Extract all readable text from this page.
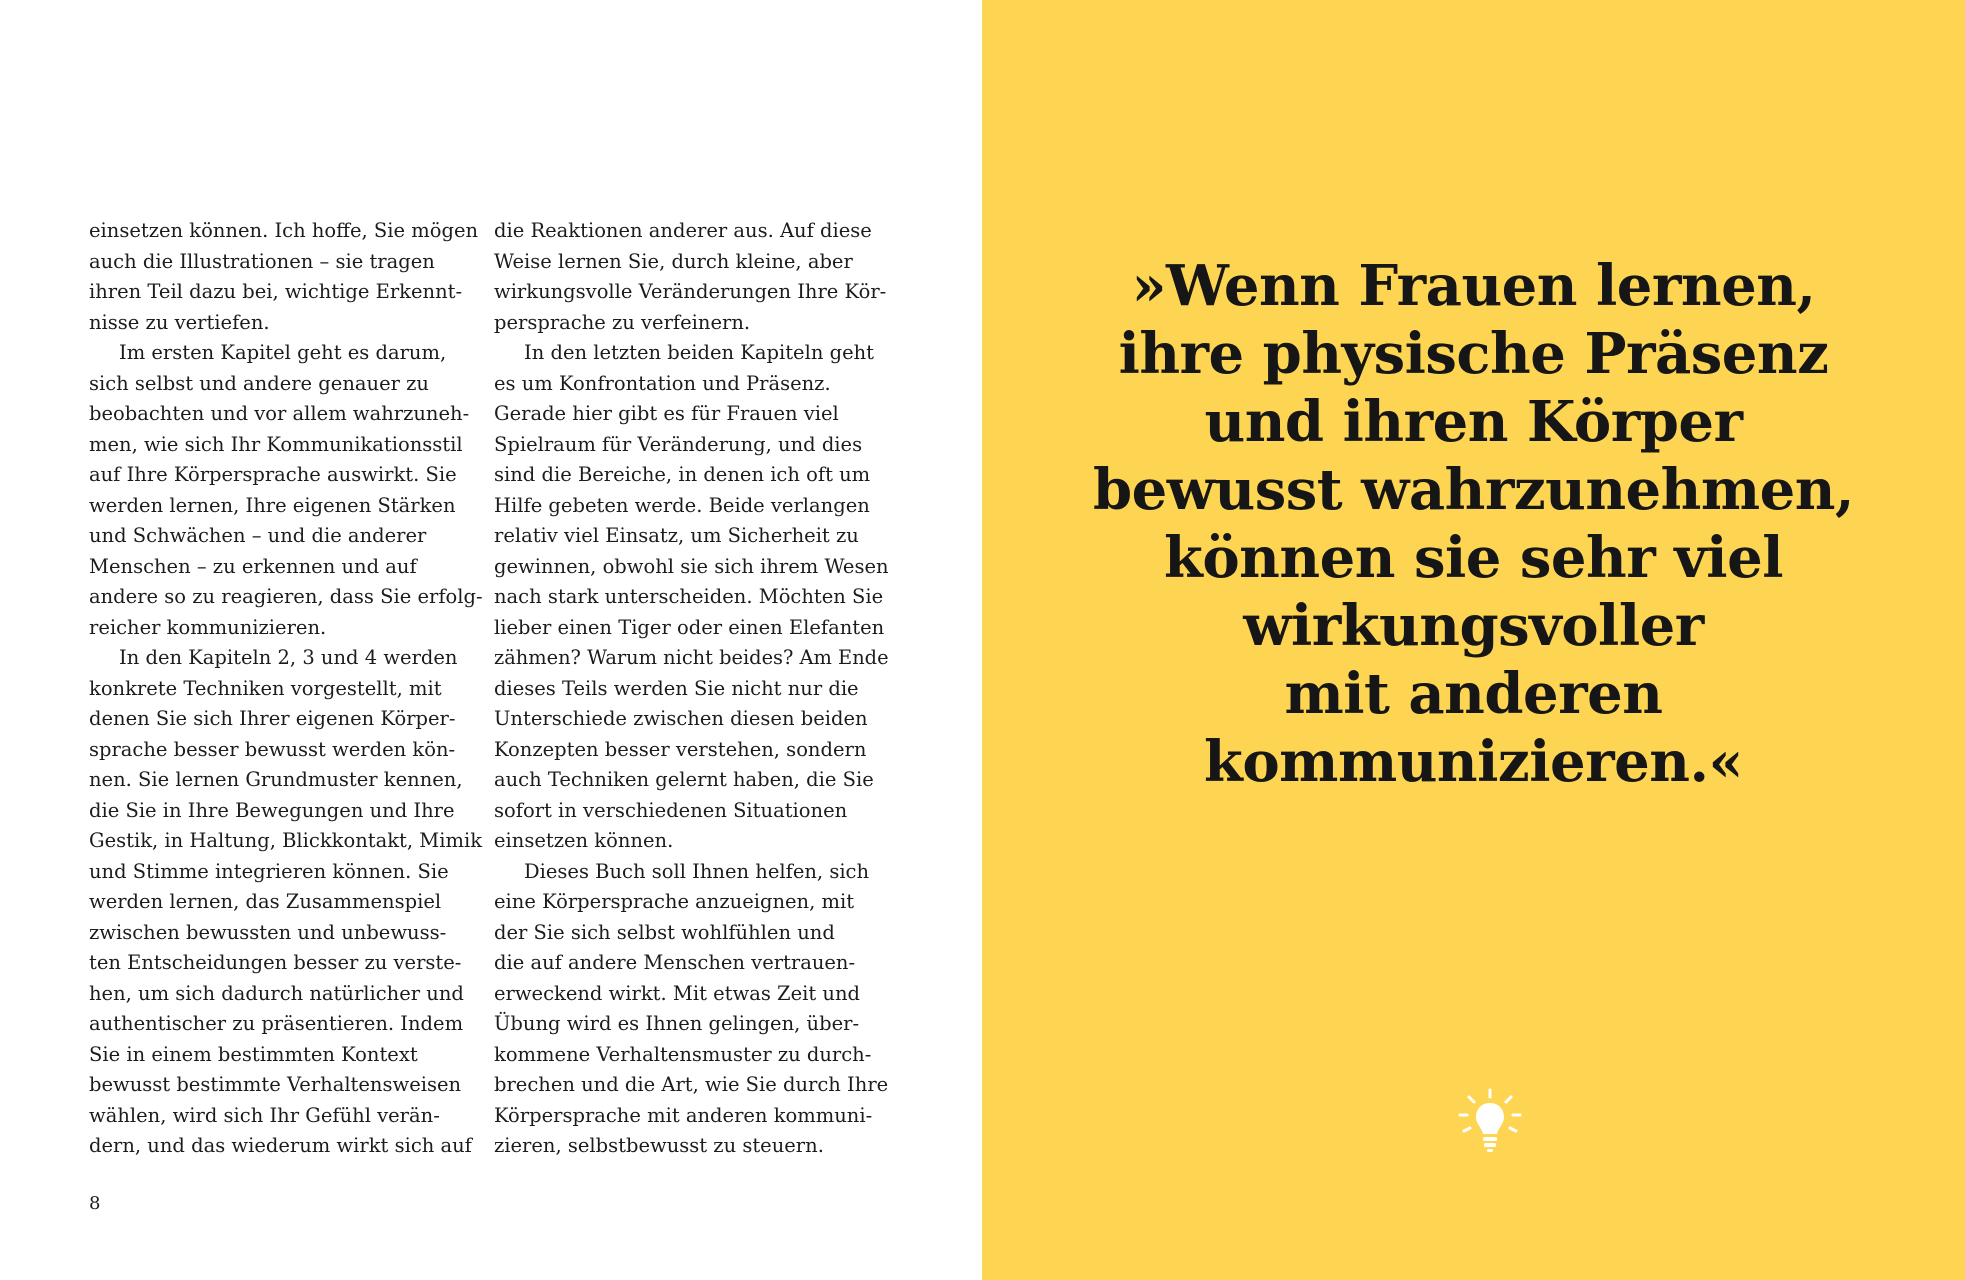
einsetzen können. Ich hoffe, Sie mögen
auch die Illustrationen – sie tragen
ihren Teil dazu bei, wichtige Erkennt-
nisse zu vertiefen.
Im ersten Kapitel geht es darum,
sich selbst und andere genauer zu
beobachten und vor allem wahrzuneh-
men, wie sich Ihr Kommunikationsstil
auf Ihre Körpersprache auswirkt. Sie
werden lernen, Ihre eigenen Stärken
und Schwächen – und die anderer
Menschen – zu erkennen und auf
andere so zu reagieren, dass Sie erfolg-
reicher kommunizieren.
In den Kapiteln 2, 3 und 4 werden
konkrete Techniken vorgestellt, mit
denen Sie sich Ihrer eigenen Körper-
sprache besser bewusst werden kön-
nen. Sie lernen Grundmuster kennen,
die Sie in Ihre Bewegungen und Ihre
Gestik, in Haltung, Blickkontakt, Mimik
und Stimme integrieren können. Sie
werden lernen, das Zusammenspiel
zwischen bewussten und unbewuss-
ten Entscheidungen besser zu verste-
hen, um sich dadurch natürlicher und
authentischer zu präsentieren. Indem
Sie in einem bestimmten Kontext
bewusst bestimmte Verhaltensweisen
wählen, wird sich Ihr Gefühl verän-
dern, und das wiederum wirkt sich auf
die Reaktionen anderer aus. Auf diese
Weise lernen Sie, durch kleine, aber
wirkungsvolle Veränderungen Ihre Kör-
persprache zu verfeinern.
In den letzten beiden Kapiteln geht
es um Konfrontation und Präsenz.
Gerade hier gibt es für Frauen viel
Spielraum für Veränderung, und dies
sind die Bereiche, in denen ich oft um
Hilfe gebeten werde. Beide verlangen
relativ viel Einsatz, um Sicherheit zu
gewinnen, obwohl sie sich ihrem Wesen
nach stark unterscheiden. Möchten Sie
lieber einen Tiger oder einen Elefanten
zähmen? Warum nicht beides? Am Ende
dieses Teils werden Sie nicht nur die
Unterschiede zwischen diesen beiden
Konzepten besser verstehen, sondern
auch Techniken gelernt haben, die Sie
sofort in verschiedenen Situationen
einsetzen können.
Dieses Buch soll Ihnen helfen, sich
eine Körpersprache anzueignen, mit
der Sie sich selbst wohlfühlen und
die auf andere Menschen vertrauen-
erweckend wirkt. Mit etwas Zeit und
Übung wird es Ihnen gelingen, über-
kommene Verhaltensmuster zu durch-
brechen und die Art, wie Sie durch Ihre
Körpersprache mit anderen kommuni-
zieren, selbstbewusst zu steuern.
8
»Wenn Frauen lernen,
ihre physische Präsenz
und ihren Körper
bewusst wahrzunehmen,
können sie sehr viel
wirkungsvoller
mit anderen
kommunizieren.«
